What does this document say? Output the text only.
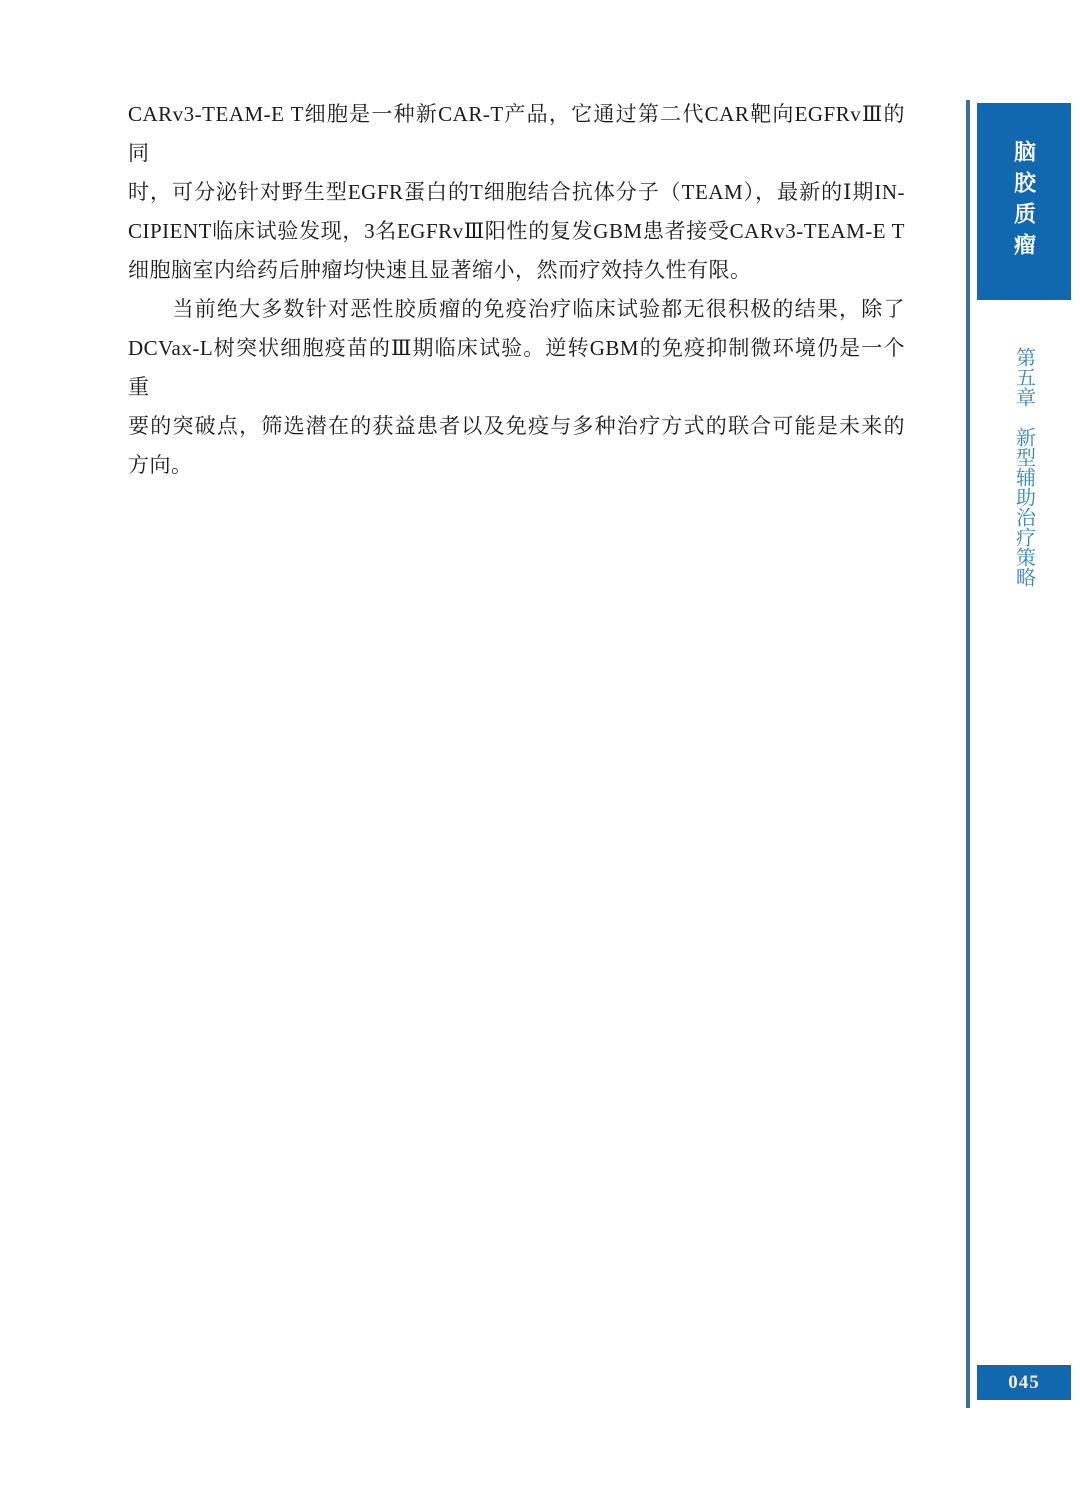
CARv3-TEAM-E T细胞是一种新CAR-T产品，它通过第二代CAR靶向EGFRvⅢ的同
时，可分泌针对野生型EGFR蛋白的T细胞结合抗体分子（TEAM），最新的Ⅰ期IN-
CIPIENT临床试验发现，3名EGFRvⅢ阳性的复发GBM患者接受CARv3-TEAM-E T
细胞脑室内给药后肿瘤均快速且显著缩小，然而疗效持久性有限。
　　当前绝大多数针对恶性胶质瘤的免疫治疗临床试验都无很积极的结果，除了
DCVax-L树突状细胞疫苗的Ⅲ期临床试验。逆转GBM的免疫抑制微环境仍是一个重
要的突破点，筛选潜在的获益患者以及免疫与多种治疗方式的联合可能是未来的
方向。
脑胶质瘤
第五章　新型辅助治疗策略
045
